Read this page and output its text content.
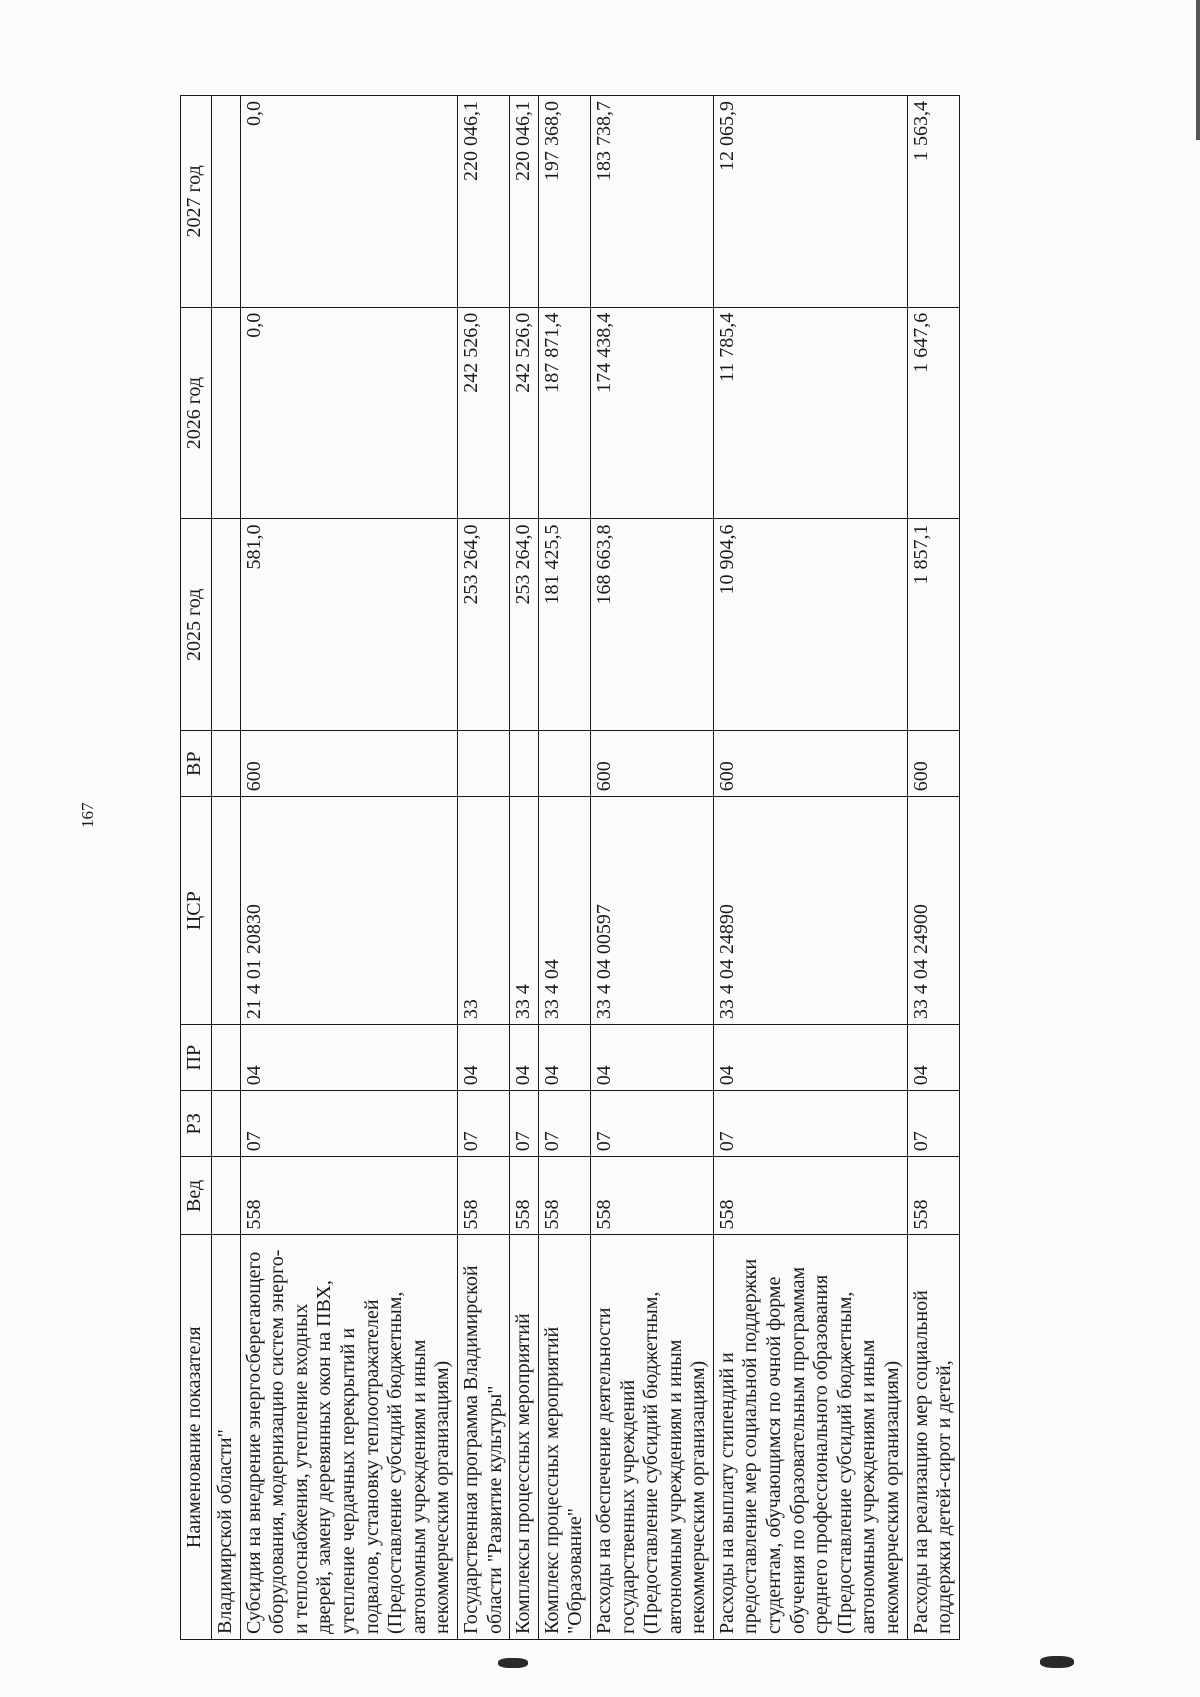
167
Наименование показателя	Вед	РЗ	ПР	ЦСР	ВР	2025 год	2026 год	2027 год
Владимирской области"								
Субсидия на внедрение энергосберегающего оборудования, модернизацию систем энерго- и теплоснабжения, утепление входных дверей, замену деревянных окон на ПВХ, утепление чердачных перекрытий и подвалов, установку теплоотражателей (Предоставление субсидий бюджетным, автономным учреждениям и иным некоммерческим организациям)	558	07	04	21 4 01 20830	600	581,0	0,0	0,0
Государственная программа Владимирской области "Развитие культуры"	558	07	04	33		253 264,0	242 526,0	220 046,1
Комплексы процессных мероприятий	558	07	04	33 4		253 264,0	242 526,0	220 046,1
Комплекс процессных мероприятий "Образование"	558	07	04	33 4 04		181 425,5	187 871,4	197 368,0
Расходы на обеспечение деятельности государственных учреждений (Предоставление субсидий бюджетным, автономным учреждениям и иным некоммерческим организациям)	558	07	04	33 4 04 00597	600	168 663,8	174 438,4	183 738,7
Расходы на выплату стипендий и предоставление мер социальной поддержки студентам, обучающимся по очной форме обучения по образовательным программам среднего профессионального образования (Предоставление субсидий бюджетным, автономным учреждениям и иным некоммерческим организациям)	558	07	04	33 4 04 24890	600	10 904,6	11 785,4	12 065,9
Расходы на реализацию мер социальной поддержки детей-сирот и детей,	558	07	04	33 4 04 24900	600	1 857,1	1 647,6	1 563,4
